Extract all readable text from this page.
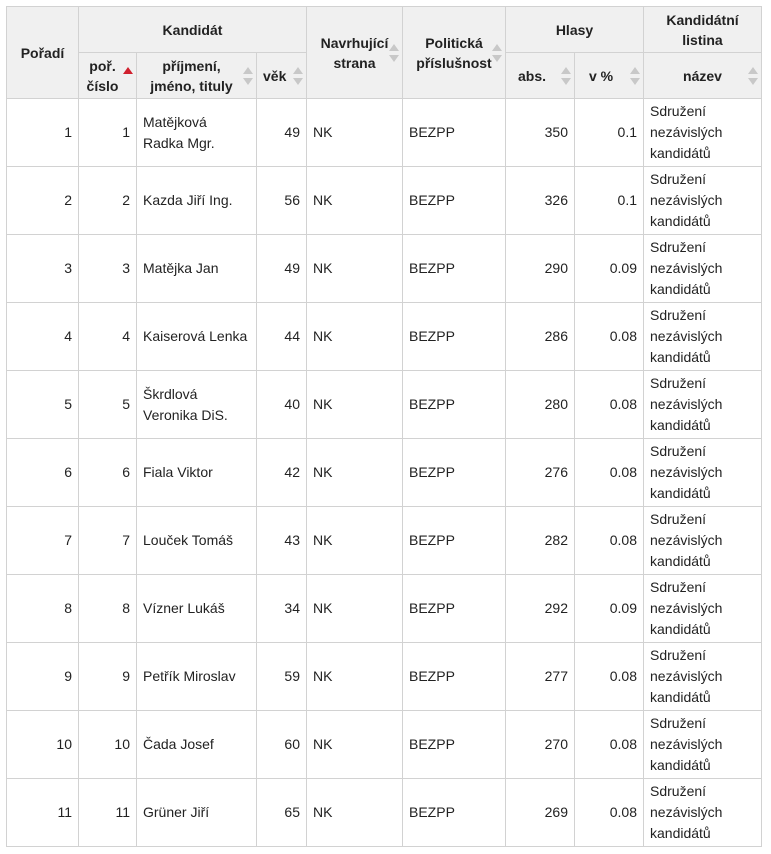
Pořadí	Kandidát			Navrhující strana	Politická příslušnost	Hlasy		Kandidátní listina
	poř. číslo	příjmení, jméno, tituly	věk			abs.	v %	název

1	1	Matějková Radka Mgr.	49	NK	BEZPP	350	0.1	Sdružení nezávislých kandidátů
2	2	Kazda Jiří Ing.	56	NK	BEZPP	326	0.1	Sdružení nezávislých kandidátů
3	3	Matějka Jan	49	NK	BEZPP	290	0.09	Sdružení nezávislých kandidátů
4	4	Kaiserová Lenka	44	NK	BEZPP	286	0.08	Sdružení nezávislých kandidátů
5	5	Škrdlová Veronika DiS.	40	NK	BEZPP	280	0.08	Sdružení nezávislých kandidátů
6	6	Fiala Viktor	42	NK	BEZPP	276	0.08	Sdružení nezávislých kandidátů
7	7	Louček Tomáš	43	NK	BEZPP	282	0.08	Sdružení nezávislých kandidátů
8	8	Vízner Lukáš	34	NK	BEZPP	292	0.09	Sdružení nezávislých kandidátů
9	9	Petřík Miroslav	59	NK	BEZPP	277	0.08	Sdružení nezávislých kandidátů
10	10	Čada Josef	60	NK	BEZPP	270	0.08	Sdružení nezávislých kandidátů
11	11	Grüner Jiří	65	NK	BEZPP	269	0.08	Sdružení nezávislých kandidátů
